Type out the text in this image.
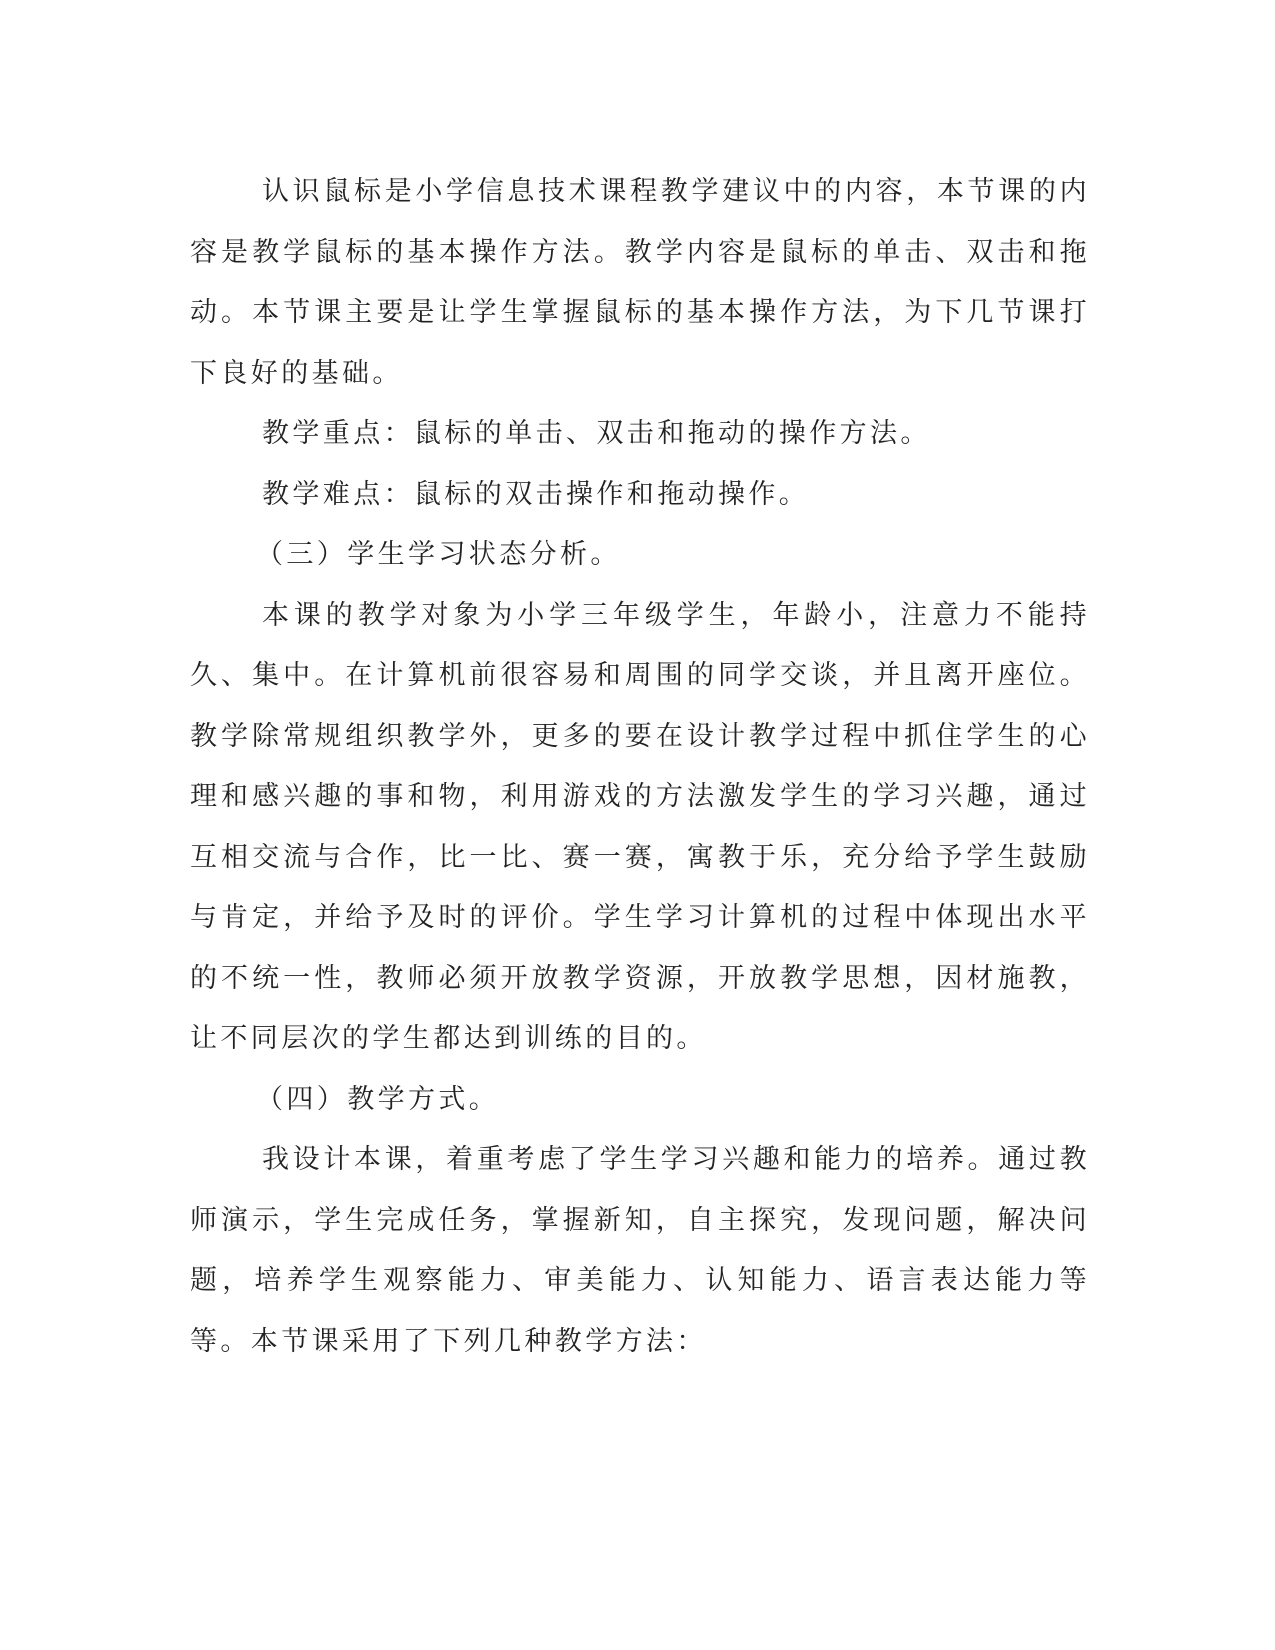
认识鼠标是小学信息技术课程教学建议中的内容，本节课的内容是教学鼠标的基本操作方法。教学内容是鼠标的单击、双击和拖动。本节课主要是让学生掌握鼠标的基本操作方法，为下几节课打下良好的基础。

教学重点：鼠标的单击、双击和拖动的操作方法。

教学难点：鼠标的双击操作和拖动操作。

（三）学生学习状态分析。

本课的教学对象为小学三年级学生，年龄小，注意力不能持久、集中。在计算机前很容易和周围的同学交谈，并且离开座位。教学除常规组织教学外，更多的要在设计教学过程中抓住学生的心理和感兴趣的事和物，利用游戏的方法激发学生的学习兴趣，通过互相交流与合作，比一比、赛一赛，寓教于乐，充分给予学生鼓励与肯定，并给予及时的评价。学生学习计算机的过程中体现出水平的不统一性，教师必须开放教学资源，开放教学思想，因材施教，让不同层次的学生都达到训练的目的。

（四）教学方式。

我设计本课，着重考虑了学生学习兴趣和能力的培养。通过教师演示，学生完成任务，掌握新知，自主探究，发现问题，解决问题，培养学生观察能力、审美能力、认知能力、语言表达能力等等。本节课采用了下列几种教学方法：
